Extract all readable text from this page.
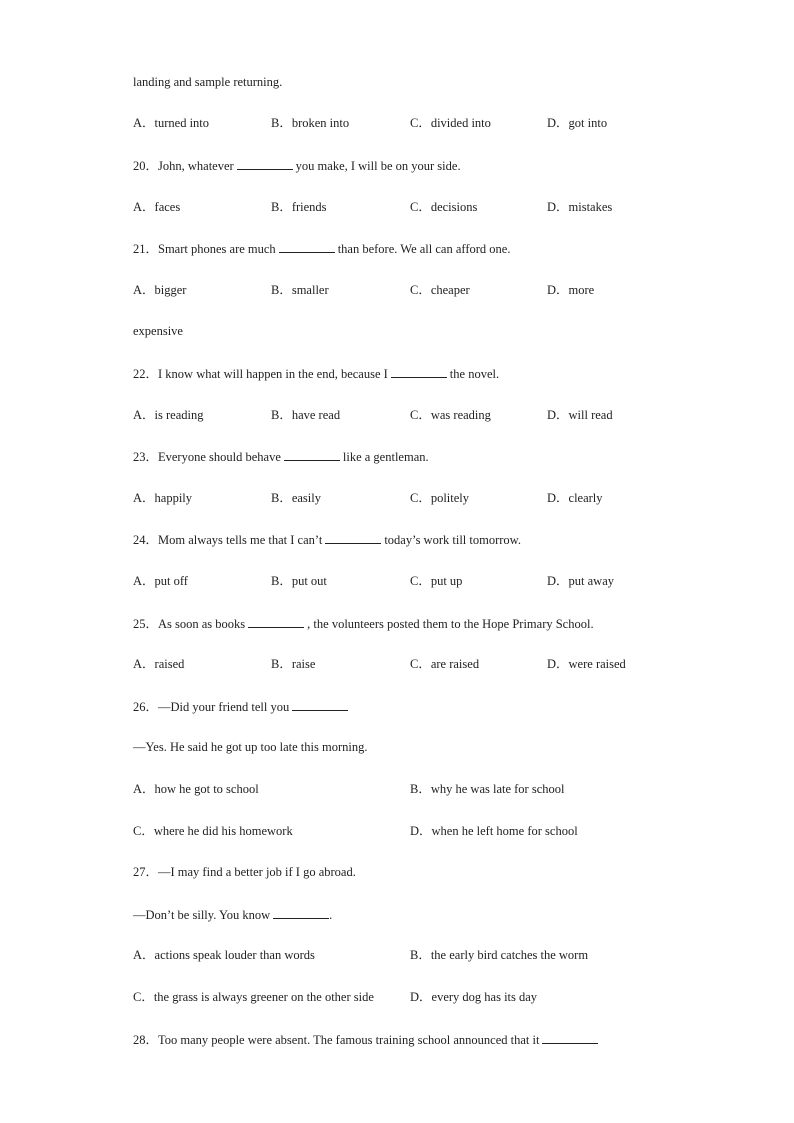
landing and sample returning.
A．turned into	B．broken into	C．divided into	D．got into
20．John, whatever	you make, I will be on your side.
A．faces	B．friends	C．decisions	D．mistakes
21．Smart phones are much	than before. We all can afford one.
A．bigger	B．smaller	C．cheaper	D．more
expensive
22．I know what will happen in the end, because I	the novel.
A．is reading	B．have read	C．was reading	D．will read
23．Everyone should behave	like a gentleman.
A．happily	B．easily	C．politely	D．clearly
24．Mom always tells me that I can’t	today’s work till tomorrow.
A．put off	B．put out	C．put up	D．put away
25．As soon as books	, the volunteers posted them to the Hope Primary School.
A．raised	B．raise	C．are raised	D．were raised
26．—Did your friend tell you
—Yes. He said he got up too late this morning.
A．how he got to school	B．why he was late for school
C．where he did his homework	D．when he left home for school
27．—I may find a better job if I go abroad.
—Don’t be silly. You know	.
A．actions speak louder than words	B．the early bird catches the worm
C．the grass is always greener on the other side	D．every dog has its day
28．Too many people were absent. The famous training school announced that it
